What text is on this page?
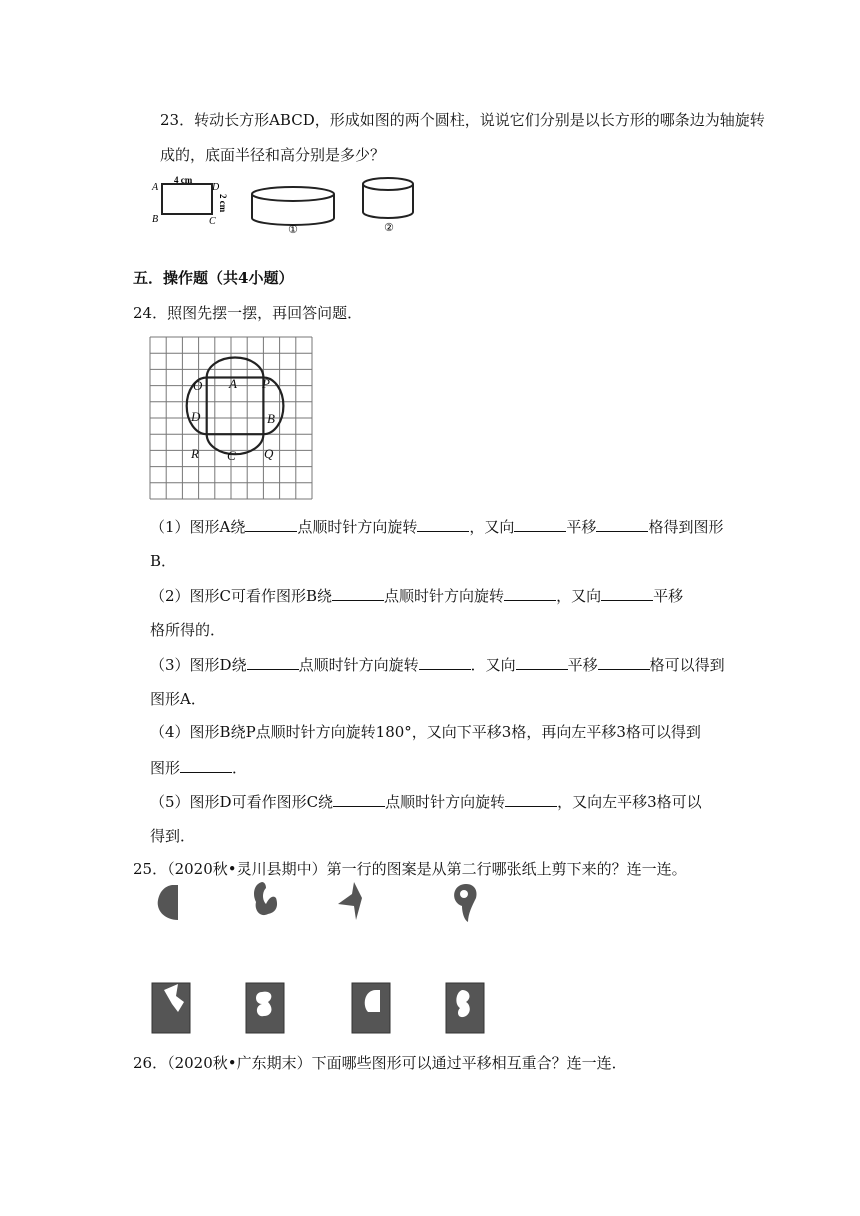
23．转动长方形ABCD，形成如图的两个圆柱，说说它们分别是以长方形的哪条边为轴旋转
成的，底面半径和高分别是多少？
A
B	C
D
4 cm
2 cm
①	②
五．操作题（共4小题）
24．照图先摆一摆，再回答问题．
O A P
D	B
R C Q
（1）图形A绕	点顺时针方向旋转	，又向	平移	格得到图形
B．
（2）图形C可看作图形B绕	点顺时针方向旋转	，又向	平移
格所得的．
（3）图形D绕	点顺时针方向旋转	．又向	平移	格可以得到
图形A．
（4）图形B绕P点顺时针方向旋转180°，又向下平移3格，再向左平移3格可以得到
图形	．
（5）图形D可看作图形C绕	点顺时针方向旋转	，又向左平移3格可以
得到．
25．（2020秋•灵川县期中）第一行的图案是从第二行哪张纸上剪下来的？连一连。
26．（2020秋•广东期末）下面哪些图形可以通过平移相互重合？连一连．
